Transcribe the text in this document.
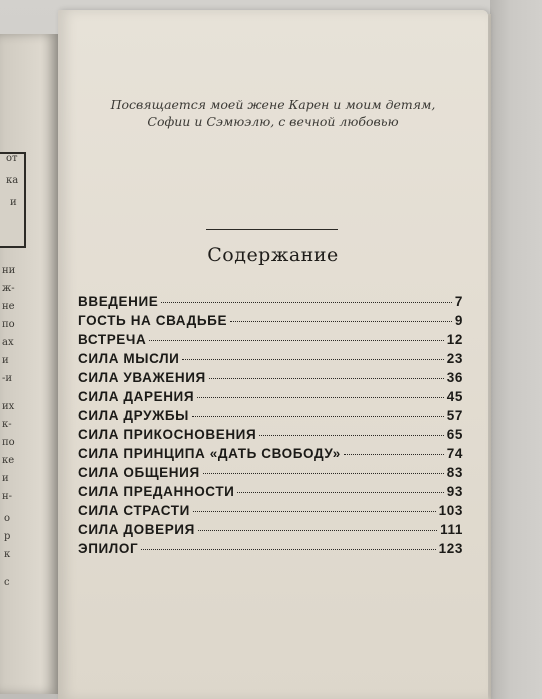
от
ка
и
ни
ж-
не
по
ах
и
-и
их
к-
по
ке
и
н-
о
р
к
с
Посвящается моей жене Карен и моим детям,
Софии и Сэмюэлю, с вечной любовью
Содержание
ВВЕДЕНИЕ	7
ГОСТЬ НА СВАДЬБЕ	9
ВСТРЕЧА	12
СИЛА МЫСЛИ	23
СИЛА УВАЖЕНИЯ	36
СИЛА ДАРЕНИЯ	45
СИЛА ДРУЖБЫ	57
СИЛА ПРИКОСНОВЕНИЯ	65
СИЛА ПРИНЦИПА «ДАТЬ СВОБОДУ»	74
СИЛА ОБЩЕНИЯ	83
СИЛА ПРЕДАННОСТИ	93
СИЛА СТРАСТИ	103
СИЛА ДОВЕРИЯ	111
ЭПИЛОГ	123
